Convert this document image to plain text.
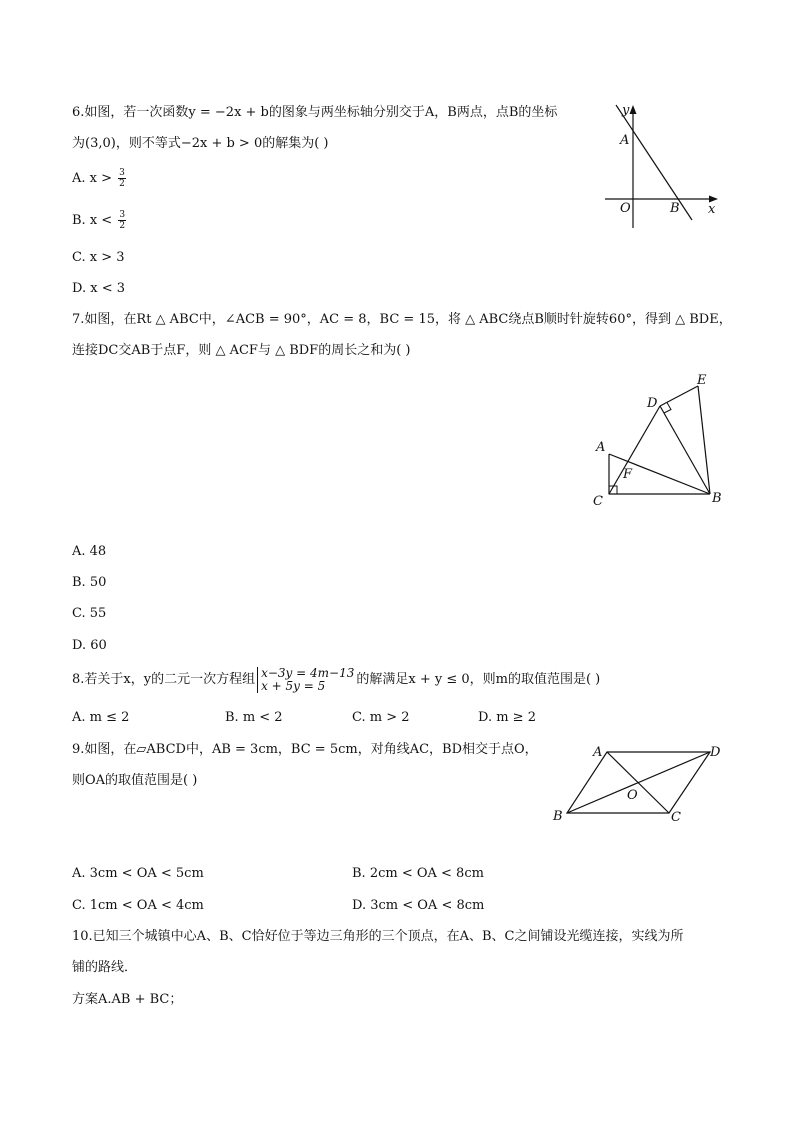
6.如图，若一次函数y = −2x + b的图象与两坐标轴分别交于A，B两点，点B的坐标
为(3,0)，则不等式−2x + b > 0的解集为( )
A. $x > \frac{3}{2}$
B. $x < \frac{3}{2}$
C. x > 3
D. x < 3
y
x
A
O	B
7.如图，在Rt △ ABC中，∠ACB = 90°，AC = 8，BC = 15，将 △ ABC绕点B顺时针旋转60°，得到 △ BDE，
连接DC交AB于点F，则 △ ACF与 △ BDF的周长之和为( )
E
D
A
F
C	B
A. 48
B. 50
C. 55
D. 60
8.若关于x，y的二元一次方程组 x−3y = 4m−13
x + 5y = 5	的解满足x + y ≤ 0，则m的取值范围是( )
A. m ≤ 2	B. m < 2	C. m > 2	D. m ≥ 2
9.如图，在▱ABCD中，AB = 3cm，BC = 5cm，对角线AC，BD相交于点O，
则OA的取值范围是( )
A	D
O
B	C
A. 3cm < OA < 5cm	B. 2cm < OA < 8cm
C. 1cm < OA < 4cm	D. 3cm < OA < 8cm
10.已知三个城镇中心A、B、C恰好位于等边三角形的三个顶点，在A、B、C之间铺设光缆连接，实线为所
铺的路线．
方案A.AB + BC；
